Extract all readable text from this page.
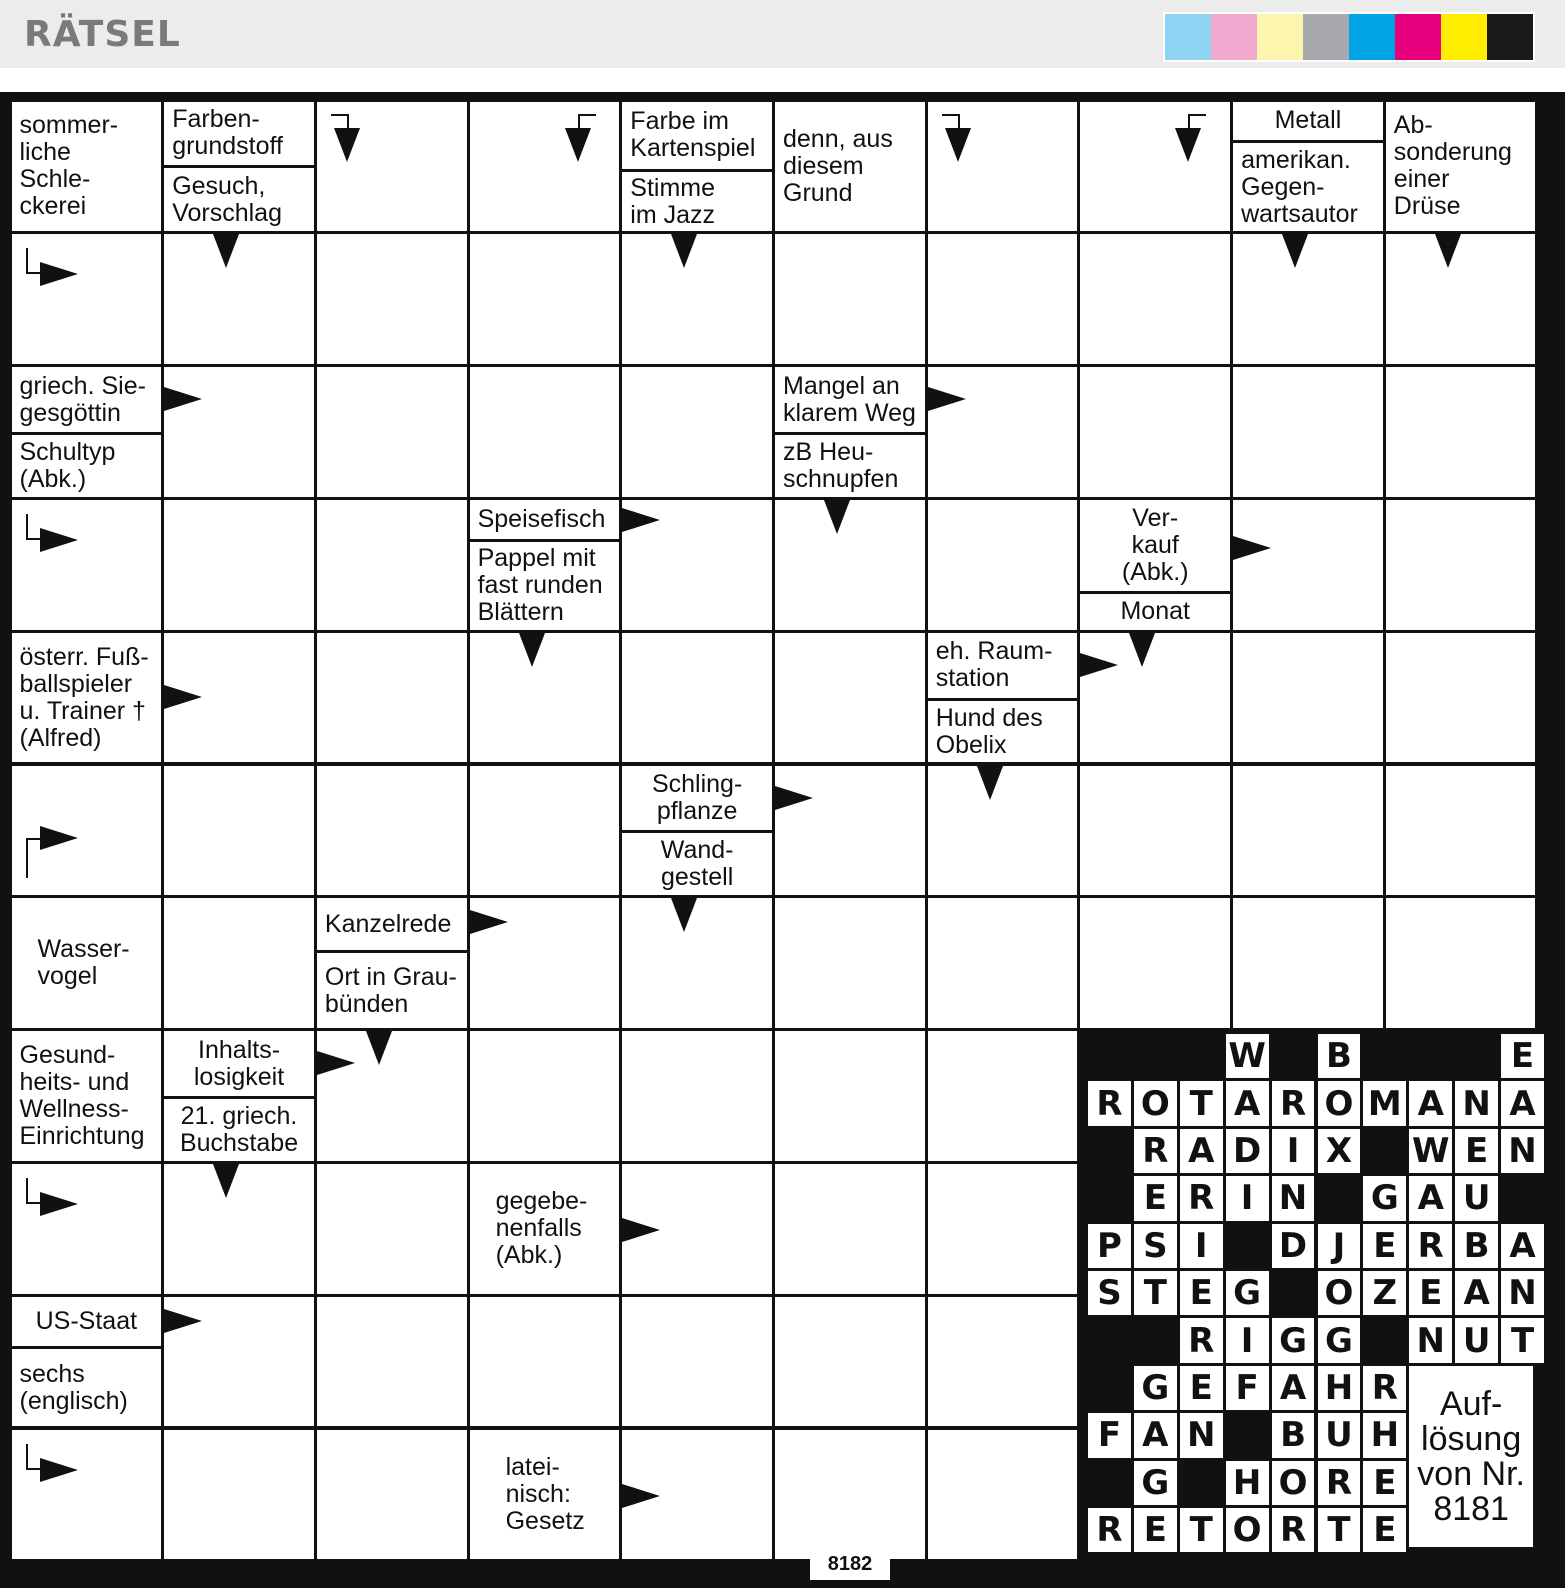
RÄTSEL
sommer-
liche
Schle-
ckerei
Farben-
grundstoff
Gesuch,
Vorschlag
Farbe im
Kartenspiel
Stimme
im Jazz
denn, aus
diesem
Grund
Metall
amerikan.
Gegen-
wartsautor
Ab-
sonderung
einer
Drüse
griech. Sie-
gesgöttin
Schultyp
(Abk.)
Mangel an
klarem Weg
zB Heu-
schnupfen
Speisefisch
Pappel mit
fast runden
Blättern
Ver-
kauf
(Abk.)
Monat
österr. Fuß-
ballspieler
u. Trainer †
(Alfred)
eh. Raum-
station
Hund des
Obelix
Schling-
pflanze
Wand-
gestell
Wasser-
vogel
Kanzelrede
Ort in Grau-
bünden
Gesund-
heits- und
Wellness-
Einrichtung
Inhalts-
losigkeit
21. griech.
Buchstabe
gegebe-
nenfalls
(Abk.)
US-Staat
sechs
(englisch)
latei-
nisch:
Gesetz
W B	E
R O T A R O M A N A
R A D I X W E N
E R I N G A U
P S I	D J E R B A
S T E G O Z E A N
R I G G N U T
G E F A H R
F A N B U H
G H O R E
R E T O R T E
Auf-
lösung
von Nr.
8181
8182
